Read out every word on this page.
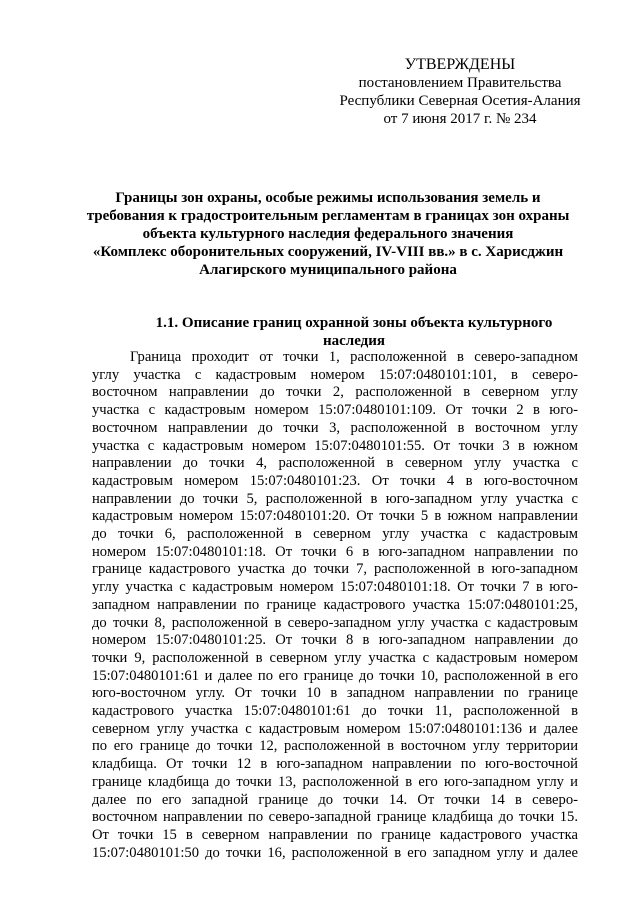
УТВЕРЖДЕНЫ
постановлением Правительства
Республики Северная Осетия-Алания
от 7 июня 2017 г. № 234
Границы зон охраны, особые режимы использования земель и
требования к градостроительным регламентам в границах зон охраны
объекта культурного наследия федерального значения
«Комплекс оборонительных сооружений, IV-VIII вв.» в с. Харисджин
Алагирского муниципального района
1.1. Описание границ охранной зоны объекта культурного
наследия
Граница проходит от точки 1, расположенной в северо-западном
углу участка с кадастровым номером 15:07:0480101:101, в северо-
восточном направлении до точки 2, расположенной в северном углу
участка с кадастровым номером 15:07:0480101:109. От точки 2 в юго-
восточном направлении до точки 3, расположенной в восточном углу
участка с кадастровым номером 15:07:0480101:55. От точки 3 в южном
направлении до точки 4, расположенной в северном углу участка с
кадастровым номером 15:07:0480101:23. От точки 4 в юго-восточном
направлении до точки 5, расположенной в юго-западном углу участка с
кадастровым номером 15:07:0480101:20. От точки 5 в южном направлении
до точки 6, расположенной в северном углу участка с кадастровым
номером 15:07:0480101:18. От точки 6 в юго-западном направлении по
границе кадастрового участка до точки 7, расположенной в юго-западном
углу участка с кадастровым номером 15:07:0480101:18. От точки 7 в юго-
западном направлении по границе кадастрового участка 15:07:0480101:25,
до точки 8, расположенной в северо-западном углу участка с кадастровым
номером 15:07:0480101:25. От точки 8 в юго-западном направлении до
точки 9, расположенной в северном углу участка с кадастровым номером
15:07:0480101:61 и далее по его границе до точки 10, расположенной в его
юго-восточном углу. От точки 10 в западном направлении по границе
кадастрового участка 15:07:0480101:61 до точки 11, расположенной в
северном углу участка с кадастровым номером 15:07:0480101:136 и далее
по его границе до точки 12, расположенной в восточном углу территории
кладбища. От точки 12 в юго-западном направлении по юго-восточной
границе кладбища до точки 13, расположенной в его юго-западном углу и
далее по его западной границе до точки 14. От точки 14 в северо-
восточном направлении по северо-западной границе кладбища до точки 15.
От точки 15 в северном направлении по границе кадастрового участка
15:07:0480101:50 до точки 16, расположенной в его западном углу и далее
